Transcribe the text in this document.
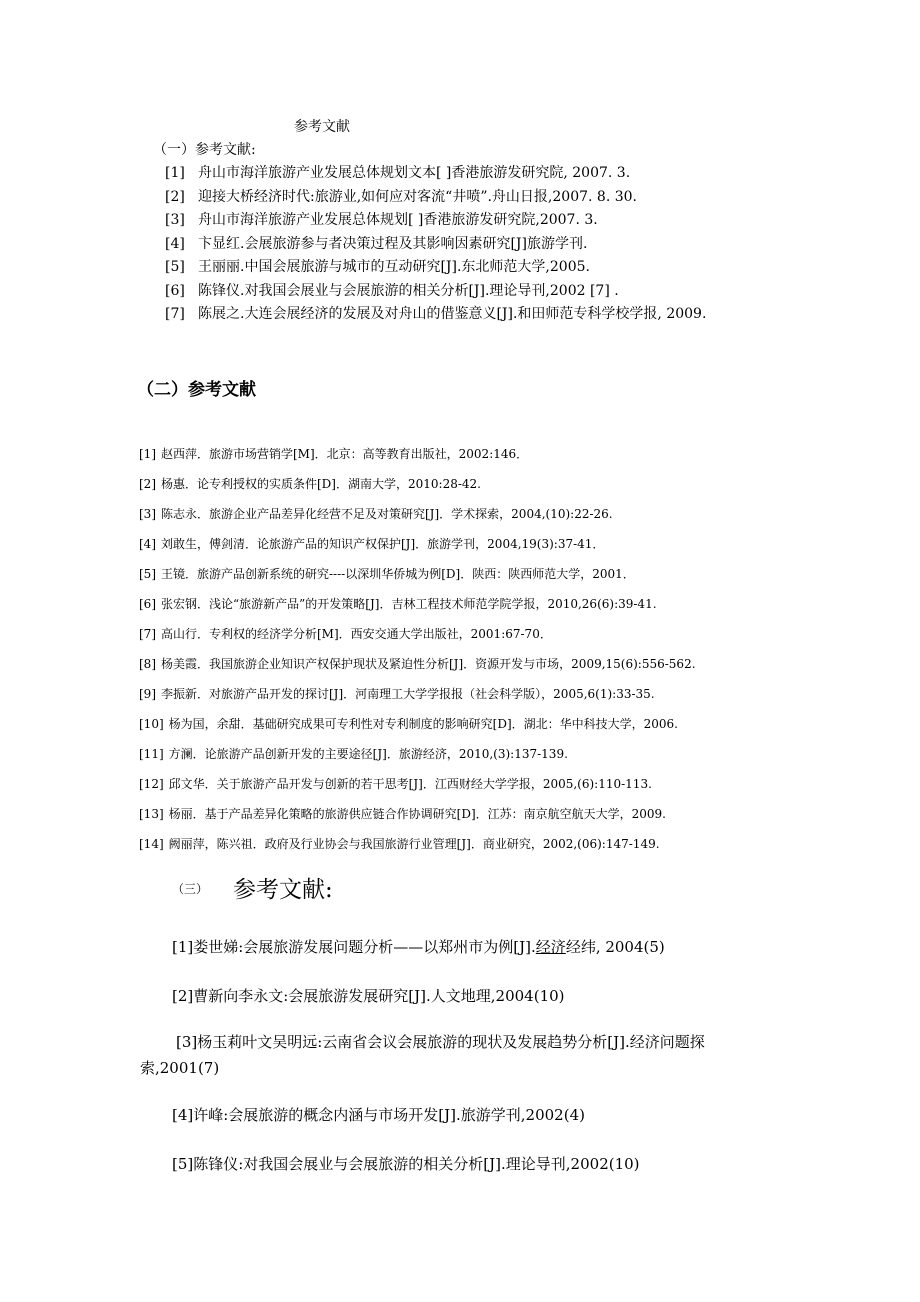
参考文献
（一）参考文献:
[1] 舟山市海洋旅游产业发展总体规划文本[ ]香港旅游发研究院, 2007. 3.
[2] 迎接大桥经济时代:旅游业,如何应对客流“井喷”.舟山日报,2007. 8. 30.
[3] 舟山市海洋旅游产业发展总体规划[ ]香港旅游发研究院,2007. 3.
[4] 卞显红.会展旅游参与者决策过程及其影响因素研究[J]旅游学刊.
[5] 王丽丽.中国会展旅游与城市的互动研究[J].东北师范大学,2005.
[6] 陈锋仪.对我国会展业与会展旅游的相关分析[J].理论导刊,2002 [7] .
[7] 陈展之.大连会展经济的发展及对舟山的借鉴意义[J].和田师范专科学校学报, 2009.
（二）参考文献
[1] 赵西萍．旅游市场营销学[M]．北京：高等教育出版社，2002:146．
[2] 杨惠．论专利授权的实质条件[D]．湖南大学，2010:28-42.
[3] 陈志永．旅游企业产品差异化经营不足及对策研究[J]．学术探索，2004,(10):22-26.
[4] 刘敢生，傅剑清．论旅游产品的知识产权保护[J]．旅游学刊，2004,19(3):37-41．
[5] 王镜．旅游产品创新系统的研究----以深圳华侨城为例[D]．陕西：陕西师范大学，2001．
[6] 张宏钢．浅论“旅游新产品”的开发策略[J]．吉林工程技术师范学院学报，2010,26(6):39-41.
[7] 高山行．专利权的经济学分析[M]．西安交通大学出版社，2001:67-70．
[8] 杨美霞．我国旅游企业知识产权保护现状及紧迫性分析[J]．资源开发与市场，2009,15(6):556-562.
[9] 李振新．对旅游产品开发的探讨[J]．河南理工大学学报报（社会科学版），2005,6(1):33-35.
[10] 杨为国，余甜．基础研究成果可专利性对专利制度的影响研究[D]．湖北：华中科技大学，2006.
[11] 方澜．论旅游产品创新开发的主要途径[J]．旅游经济，2010,(3):137-139.
[12] 邱文华．关于旅游产品开发与创新的若干思考[J]．江西财经大学学报，2005,(6):110-113.
[13] 杨丽．基于产品差异化策略的旅游供应链合作协调研究[D]．江苏：南京航空航天大学，2009.
[14] 阙丽萍，陈兴祖．政府及行业协会与我国旅游行业管理[J]．商业研究，2002,(06):147-149.
（三） 参考文献:
[1]娄世娣:会展旅游发展问题分析——以郑州市为例[J].经济经纬, 2004(5)
[2]曹新向李永文:会展旅游发展研究[J].人文地理,2004(10)
[3]杨玉莉叶文吴明远:云南省会议会展旅游的现状及发展趋势分析[J].经济问题探
索,2001(7)
[4]许峰:会展旅游的概念内涵与市场开发[J].旅游学刊,2002(4)
[5]陈锋仪:对我国会展业与会展旅游的相关分析[J].理论导刊,2002(10)
